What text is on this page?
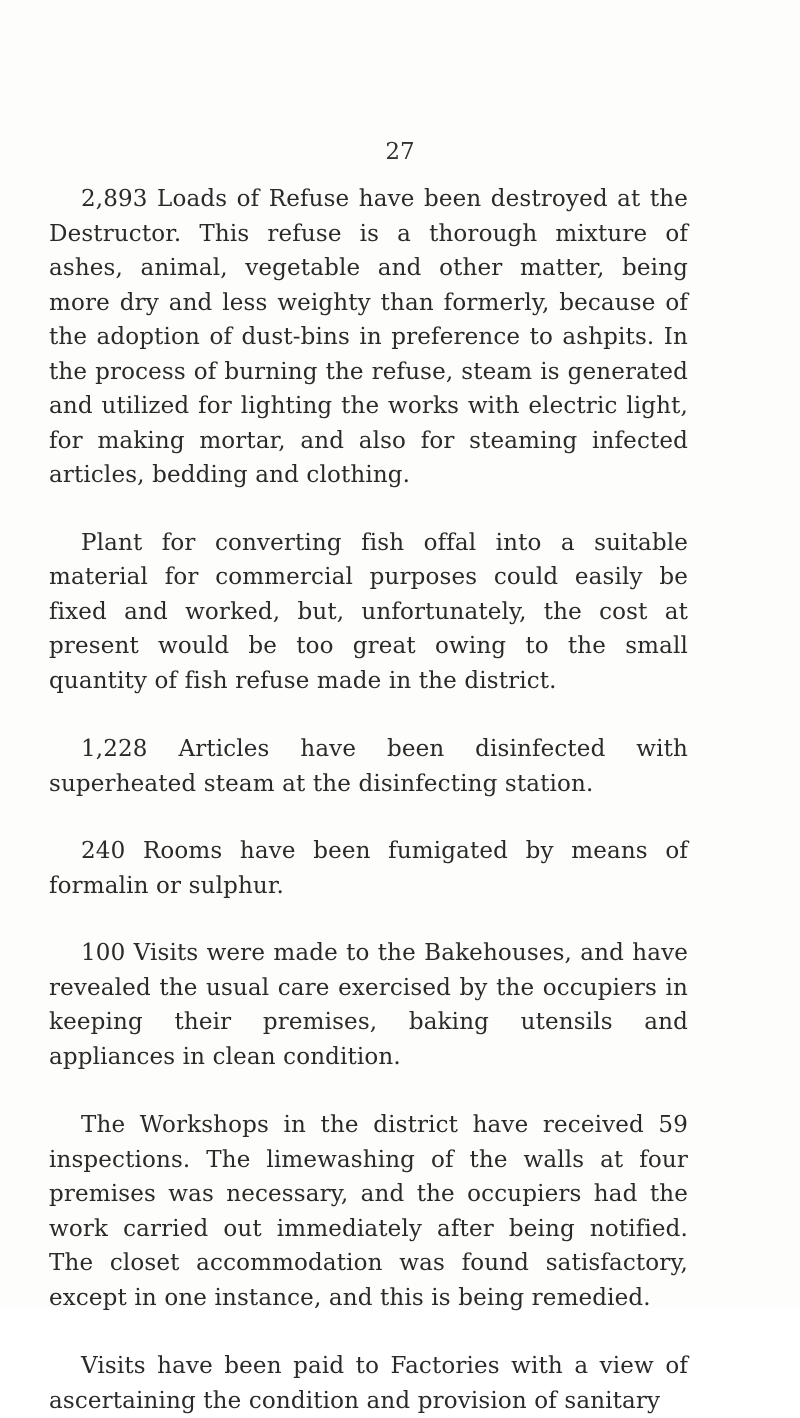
27

2,893 Loads of Refuse have been destroyed at the Destructor. This refuse is a thorough mixture of ashes, animal, vegetable and other matter, being more dry and less weighty than formerly, because of the adoption of dust-bins in preference to ashpits. In the process of burning the refuse, steam is generated and utilized for lighting the works with electric light, for making mortar, and also for steaming infected articles, bedding and clothing.

Plant for converting fish offal into a suitable material for commercial purposes could easily be fixed and worked, but, unfortunately, the cost at present would be too great owing to the small quantity of fish refuse made in the district.

1,228 Articles have been disinfected with superheated steam at the disinfecting station.

240 Rooms have been fumigated by means of formalin or sulphur.

100 Visits were made to the Bakehouses, and have revealed the usual care exercised by the occupiers in keeping their premises, baking utensils and appliances in clean condition.

The Workshops in the district have received 59 inspections. The limewashing of the walls at four premises was necessary, and the occupiers had the work carried out immediately after being notified. The closet accommodation was found satisfactory, except in one instance, and this is being remedied.

Visits have been paid to Factories with a view of ascertaining the condition and provision of sanitary
